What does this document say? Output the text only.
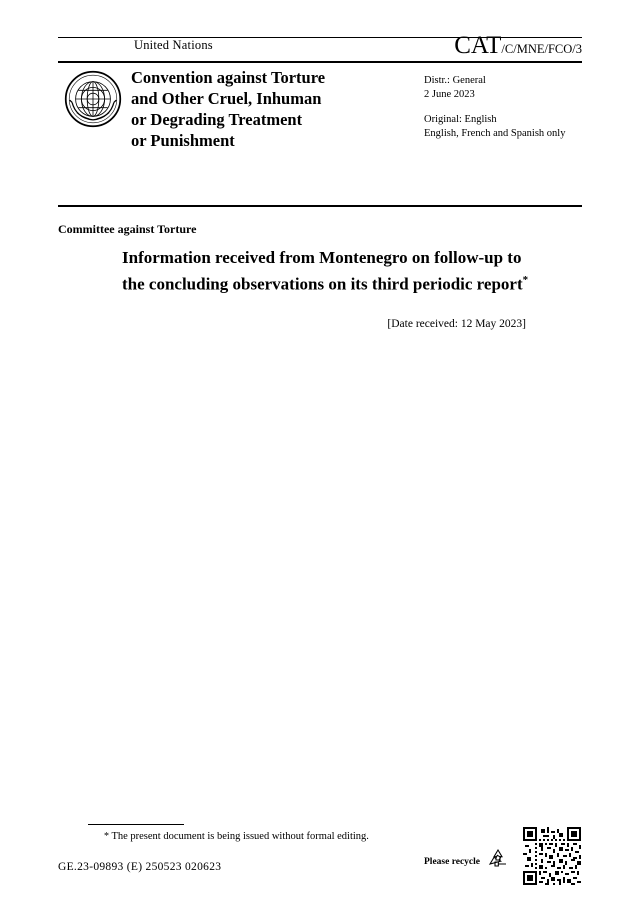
United Nations	CAT/C/MNE/FCO/3
Convention against Torture
and Other Cruel, Inhuman
or Degrading Treatment
or Punishment
Distr.: General
2 June 2023
Original: English
English, French and Spanish only
Committee against Torture
Information received from Montenegro on follow-up to the concluding observations on its third periodic report*
[Date received: 12 May 2023]
* The present document is being issued without formal editing.
GE.23-09893 (E) 250523 020623	Please recycle
